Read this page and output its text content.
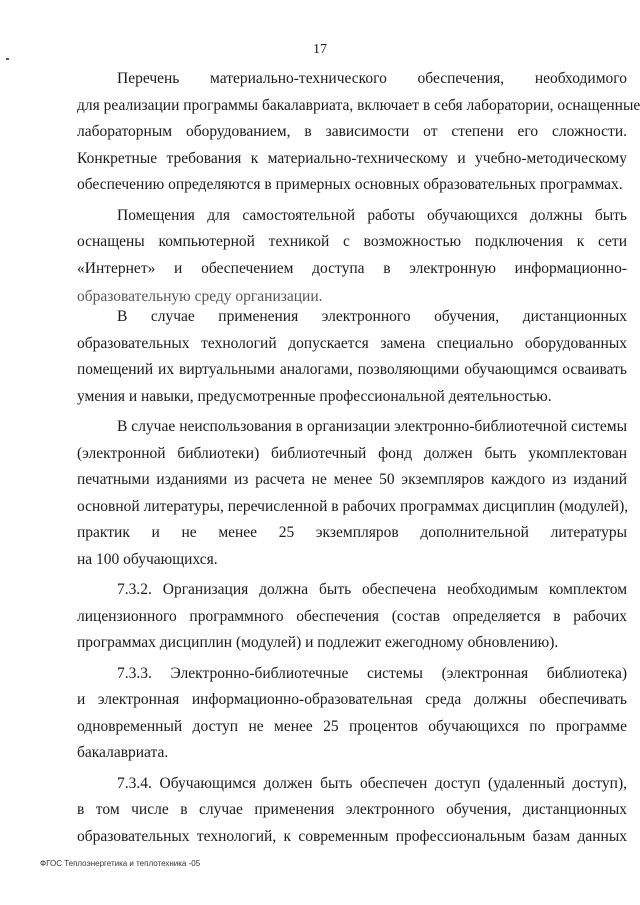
17
Перечень материально-технического обеспечения, необходимого
для реализации программы бакалавриата, включает в себя лаборатории, оснащенные
лабораторным оборудованием, в зависимости от степени его сложности.
Конкретные требования к материально-техническому и учебно-методическому
обеспечению определяются в примерных основных образовательных программах.
Помещения для самостоятельной работы обучающихся должны быть
оснащены компьютерной техникой с возможностью подключения к сети
«Интернет» и обеспечением доступа в электронную информационно-
образовательную среду организации.
В случае применения электронного обучения, дистанционных
образовательных технологий допускается замена специально оборудованных
помещений их виртуальными аналогами, позволяющими обучающимся осваивать
умения и навыки, предусмотренные профессиональной деятельностью.
В случае неиспользования в организации электронно-библиотечной системы
(электронной библиотеки) библиотечный фонд должен быть укомплектован
печатными изданиями из расчета не менее 50 экземпляров каждого из изданий
основной литературы, перечисленной в рабочих программах дисциплин (модулей),
практик и не менее 25 экземпляров дополнительной литературы
на 100 обучающихся.
7.3.2. Организация должна быть обеспечена необходимым комплектом
лицензионного программного обеспечения (состав определяется в рабочих
программах дисциплин (модулей) и подлежит ежегодному обновлению).
7.3.3. Электронно-библиотечные системы (электронная библиотека)
и электронная информационно-образовательная среда должны обеспечивать
одновременный доступ не менее 25 процентов обучающихся по программе
бакалавриата.
7.3.4. Обучающимся должен быть обеспечен доступ (удаленный доступ),
в том числе в случае применения электронного обучения, дистанционных
образовательных технологий, к современным профессиональным базам данных
ФГОС Теплоэнергетика и теплотехника -05
